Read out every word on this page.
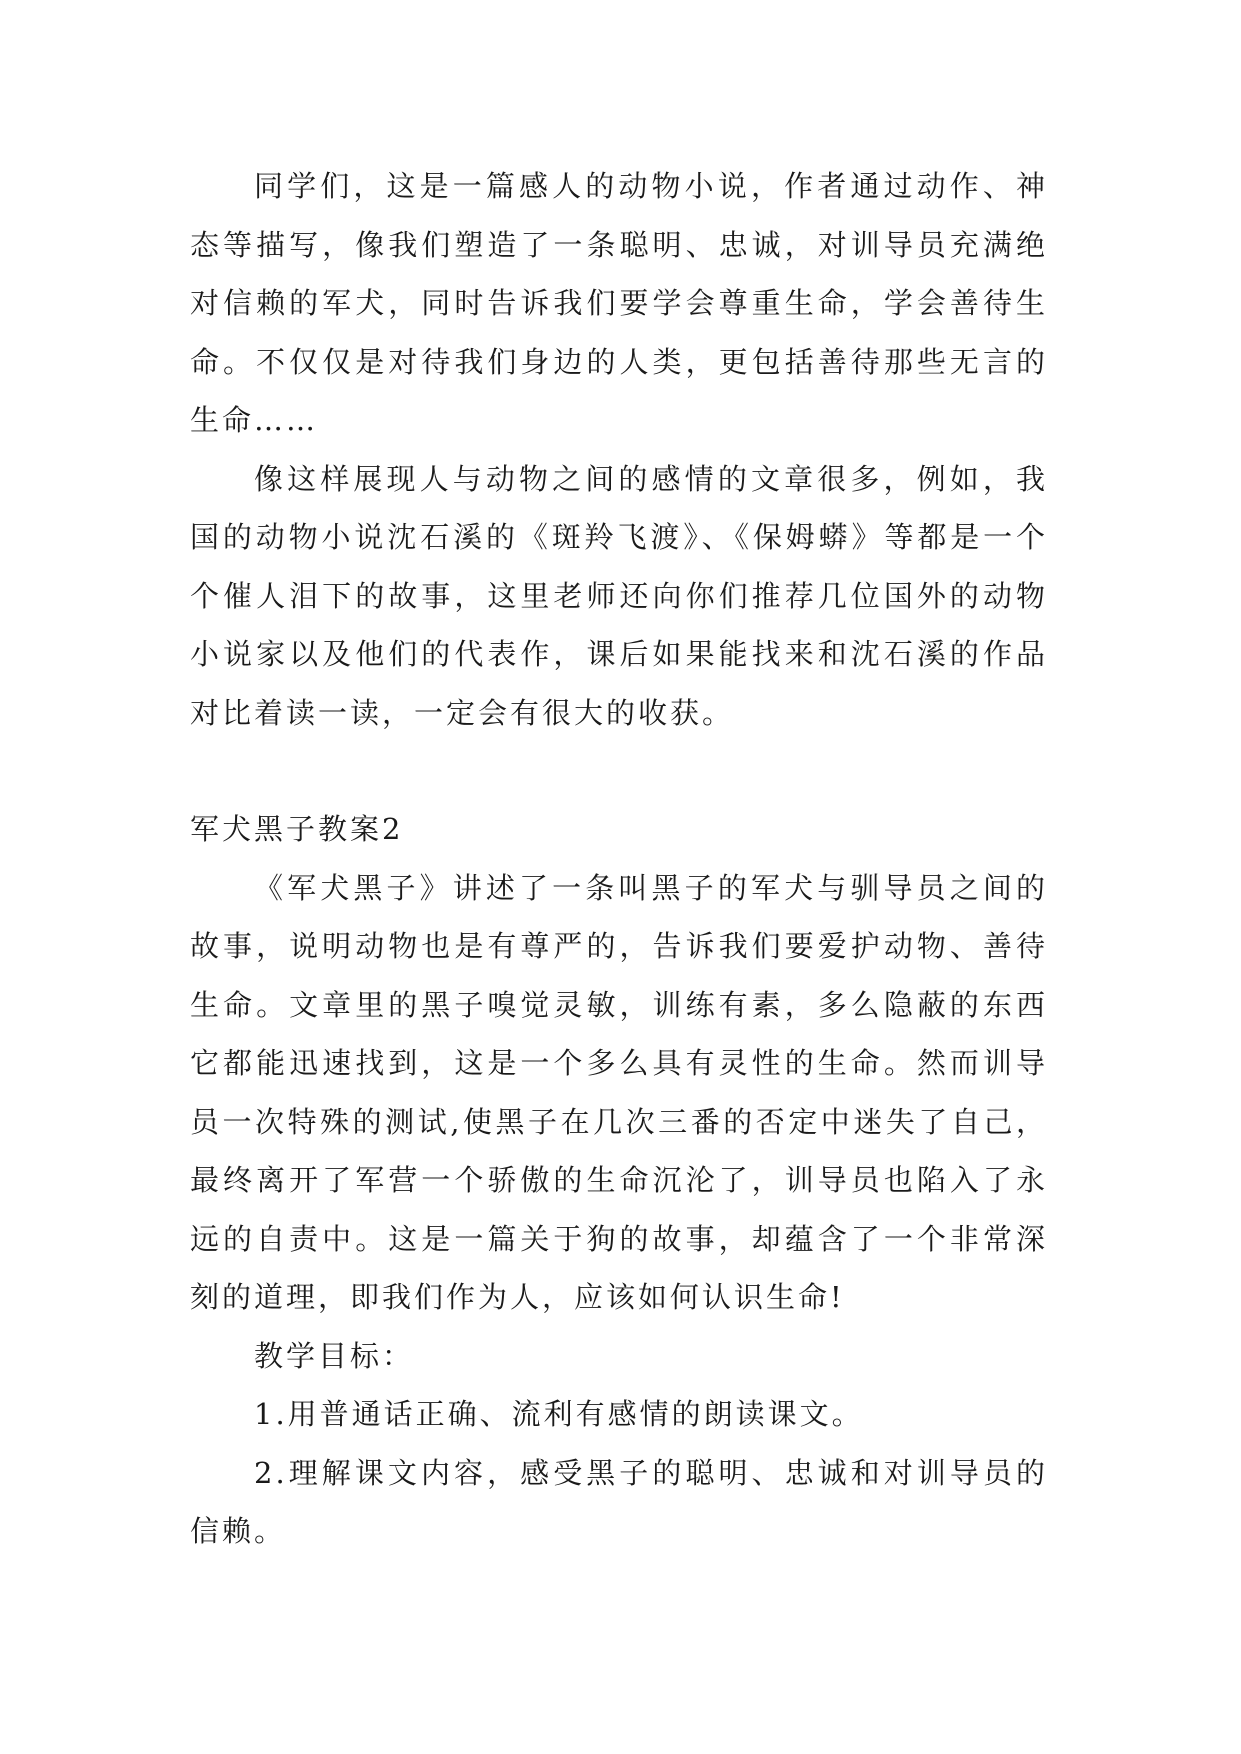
同学们，这是一篇感人的动物小说，作者通过动作、神态等描写，像我们塑造了一条聪明、忠诚，对训导员充满绝对信赖的军犬，同时告诉我们要学会尊重生命，学会善待生命。不仅仅是对待我们身边的人类，更包括善待那些无言的生命……

像这样展现人与动物之间的感情的文章很多，例如，我国的动物小说沈石溪的《斑羚飞渡》、《保姆蟒》等都是一个个催人泪下的故事，这里老师还向你们推荐几位国外的动物小说家以及他们的代表作，课后如果能找来和沈石溪的作品对比着读一读，一定会有很大的收获。

军犬黑子教案2

《军犬黑子》讲述了一条叫黑子的军犬与驯导员之间的故事，说明动物也是有尊严的，告诉我们要爱护动物、善待生命。文章里的黑子嗅觉灵敏，训练有素，多么隐蔽的东西它都能迅速找到，这是一个多么具有灵性的生命。然而训导员一次特殊的测试,使黑子在几次三番的否定中迷失了自己，最终离开了军营一个骄傲的生命沉沦了，训导员也陷入了永远的自责中。这是一篇关于狗的故事，却蕴含了一个非常深刻的道理，即我们作为人，应该如何认识生命!

教学目标：

1.用普通话正确、流利有感情的朗读课文。

2.理解课文内容，感受黑子的聪明、忠诚和对训导员的信赖。
